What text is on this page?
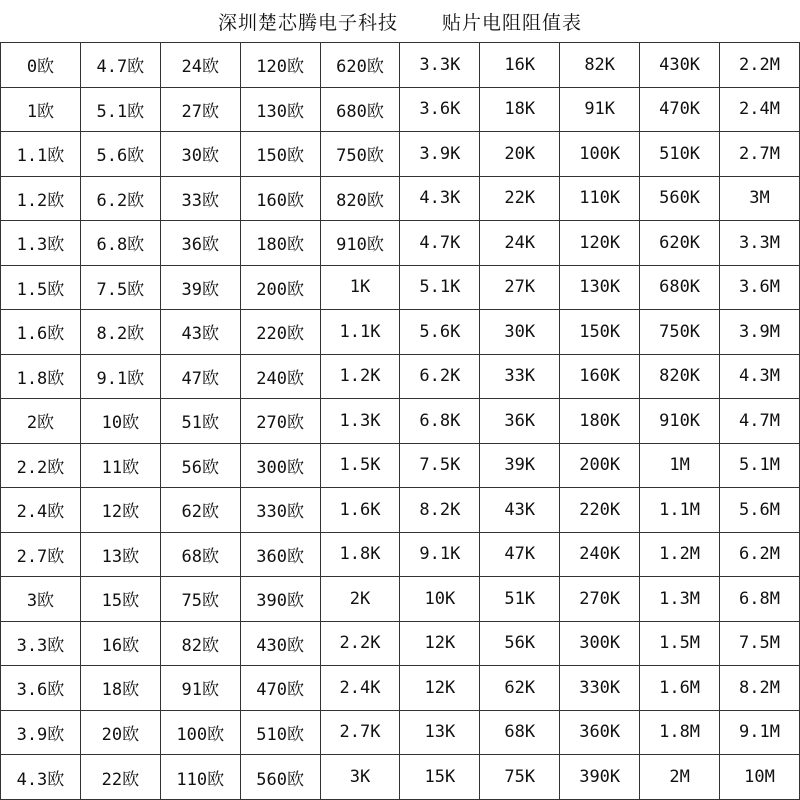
深圳楚芯腾电子科技 贴片电阻阻值表
0欧	4.7欧	24欧	120欧	620欧	3.3K	16K	82K	430K	2.2M
1欧	5.1欧	27欧	130欧	680欧	3.6K	18K	91K	470K	2.4M
1.1欧	5.6欧	30欧	150欧	750欧	3.9K	20K	100K	510K	2.7M
1.2欧	6.2欧	33欧	160欧	820欧	4.3K	22K	110K	560K	3M
1.3欧	6.8欧	36欧	180欧	910欧	4.7K	24K	120K	620K	3.3M
1.5欧	7.5欧	39欧	200欧	1K	5.1K	27K	130K	680K	3.6M
1.6欧	8.2欧	43欧	220欧	1.1K	5.6K	30K	150K	750K	3.9M
1.8欧	9.1欧	47欧	240欧	1.2K	6.2K	33K	160K	820K	4.3M
2欧	10欧	51欧	270欧	1.3K	6.8K	36K	180K	910K	4.7M
2.2欧	11欧	56欧	300欧	1.5K	7.5K	39K	200K	1M	5.1M
2.4欧	12欧	62欧	330欧	1.6K	8.2K	43K	220K	1.1M	5.6M
2.7欧	13欧	68欧	360欧	1.8K	9.1K	47K	240K	1.2M	6.2M
3欧	15欧	75欧	390欧	2K	10K	51K	270K	1.3M	6.8M
3.3欧	16欧	82欧	430欧	2.2K	12K	56K	300K	1.5M	7.5M
3.6欧	18欧	91欧	470欧	2.4K	12K	62K	330K	1.6M	8.2M
3.9欧	20欧	100欧	510欧	2.7K	13K	68K	360K	1.8M	9.1M
4.3欧	22欧	110欧	560欧	3K	15K	75K	390K	2M	10M
